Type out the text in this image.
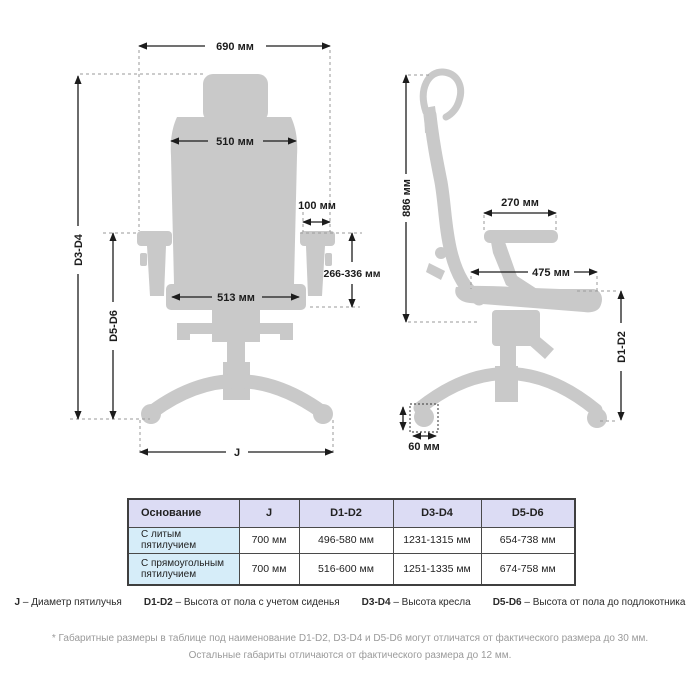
690 мм
510 мм
100 мм
266-336 мм
513 мм
D3-D4
D5-D6
J
886 мм	270 мм
475 мм
D1-D2
60 мм
Основание	J	D1-D2	D3-D4	D5-D6
С литым пятилучием	700 мм	496-580 мм	1231-1315 мм	654-738 мм
С прямоугольным пятилучием	700 мм	516-600 мм	1251-1335 мм	674-758 мм
J – Диаметр пятилучья D1-D2 – Высота от пола с учетом сиденья D3-D4 – Высота кресла D5-D6 – Высота от пола до подлокотника
* Габаритные размеры в таблице под наименование D1-D2, D3-D4 и D5-D6 могут отличатся от фактического размера до 30 мм.
Остальные габариты отличаются от фактического размера до 12 мм.
